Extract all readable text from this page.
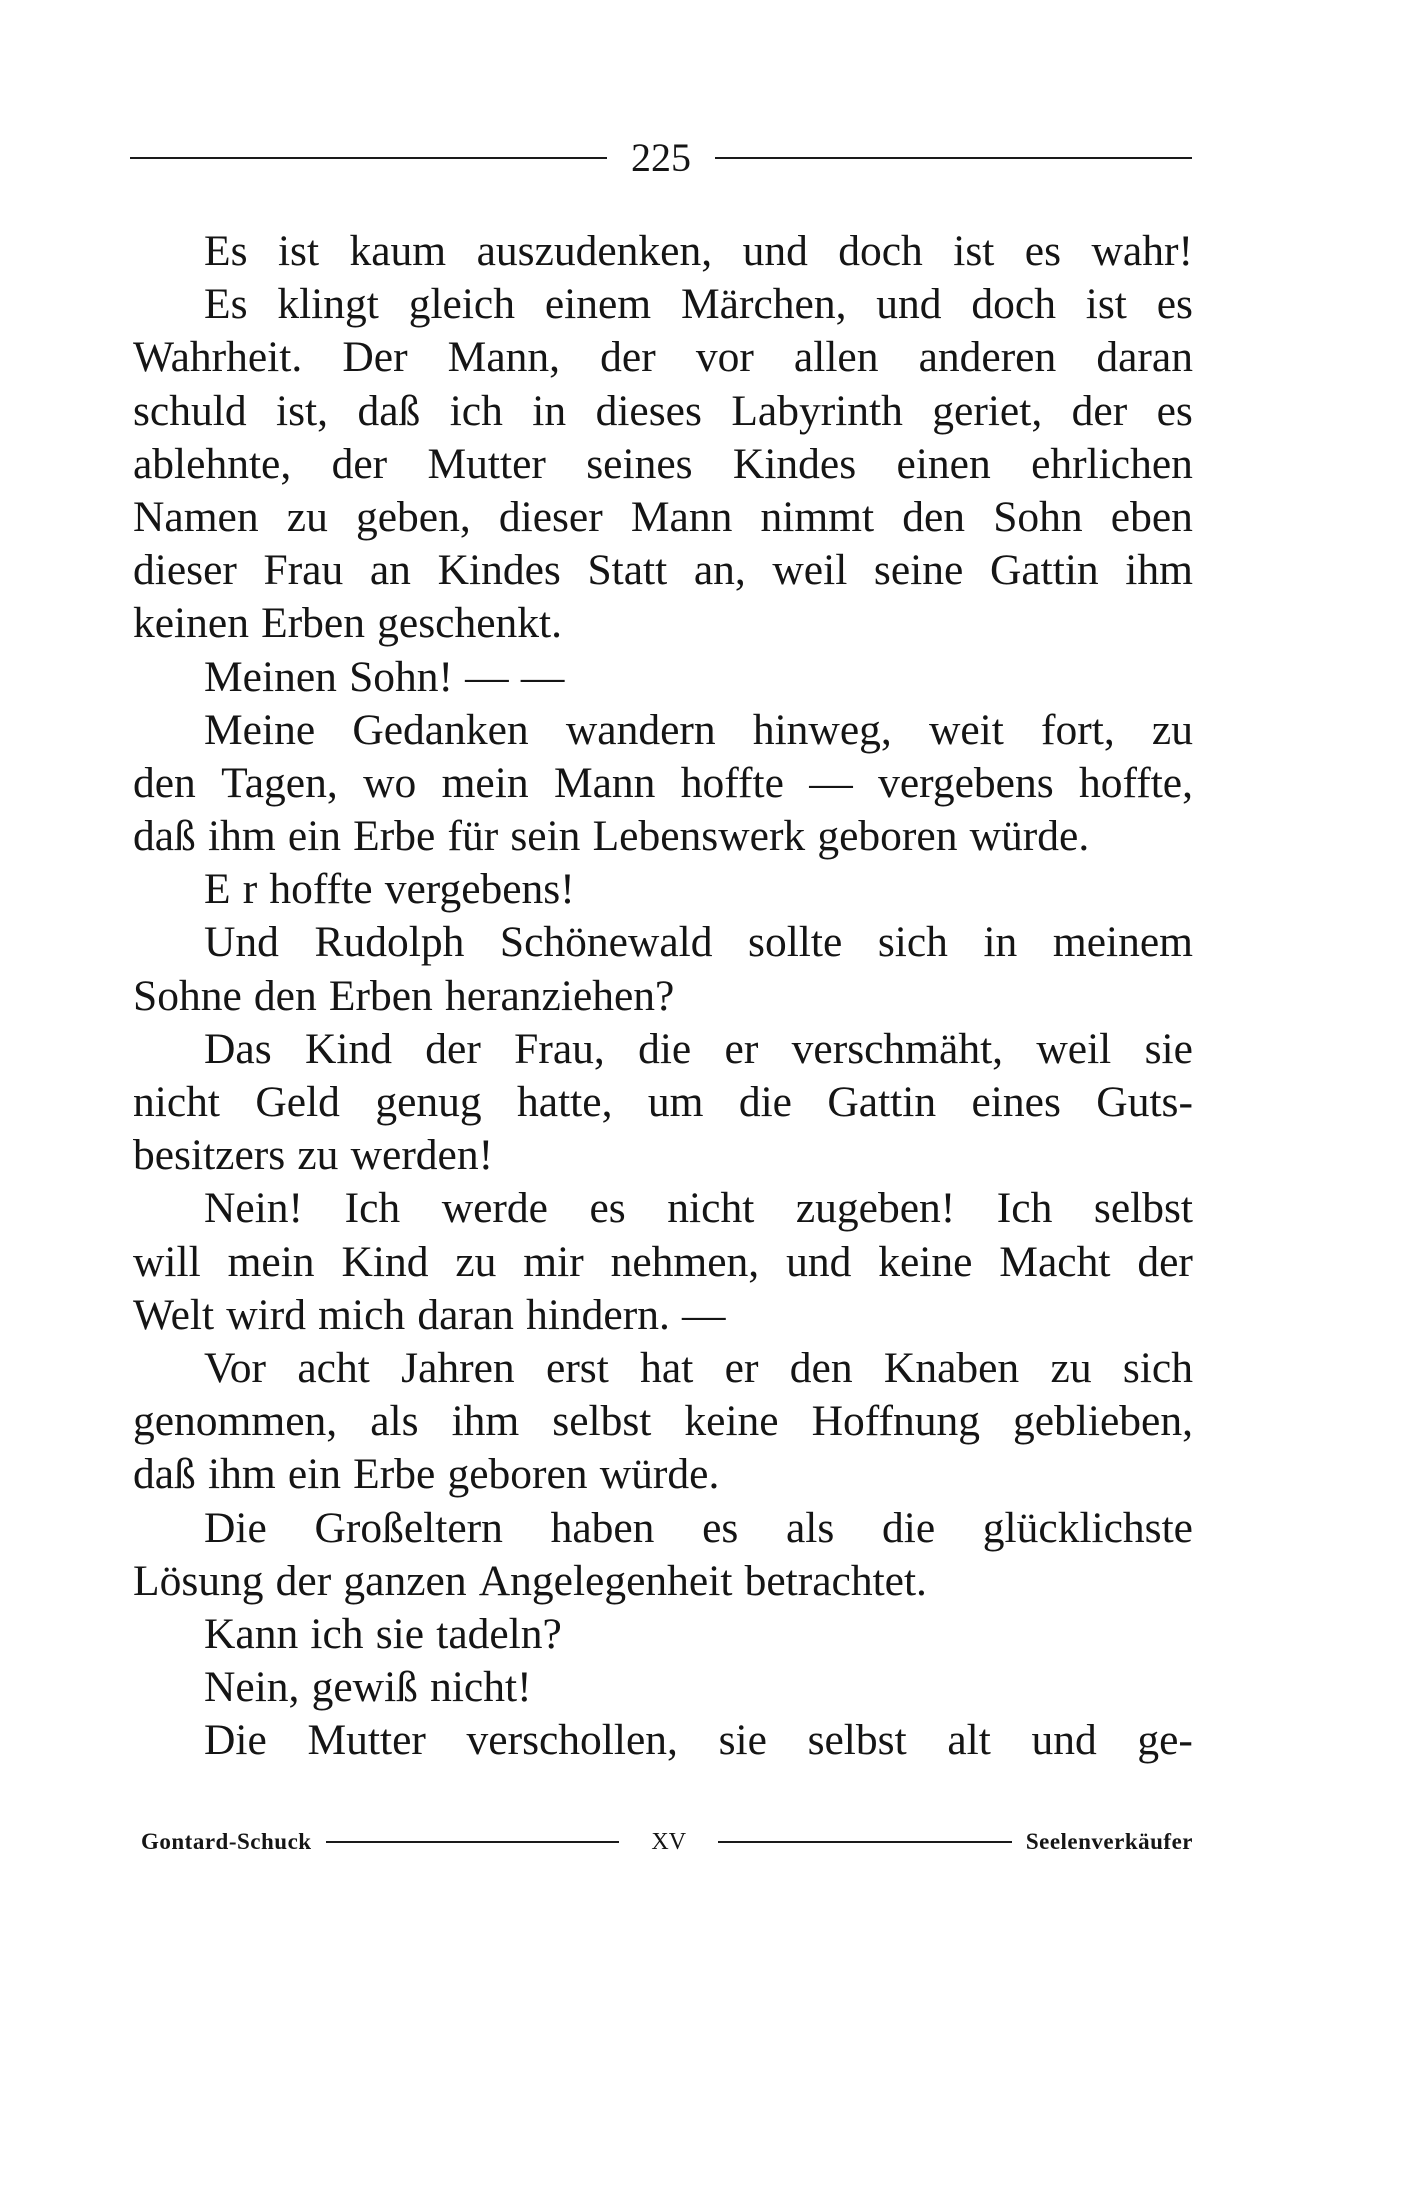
225
Es ist kaum auszudenken, und doch ist es wahr!
Es klingt gleich einem Märchen, und doch ist es
Wahrheit. Der Mann, der vor allen anderen daran
schuld ist, daß ich in dieses Labyrinth geriet, der es
ablehnte, der Mutter seines Kindes einen ehrlichen
Namen zu geben, dieser Mann nimmt den Sohn eben
dieser Frau an Kindes Statt an, weil seine Gattin ihm
keinen Erben geschenkt.
Meinen Sohn! — —
Meine Gedanken wandern hinweg, weit fort, zu
den Tagen, wo mein Mann hoffte — vergebens hoffte,
daß ihm ein Erbe für sein Lebenswerk geboren würde.
E r hoffte vergebens!
Und Rudolph Schönewald sollte sich in meinem
Sohne den Erben heranziehen?
Das Kind der Frau, die er verschmäht, weil sie
nicht Geld genug hatte, um die Gattin eines Guts-
besitzers zu werden!
Nein! Ich werde es nicht zugeben! Ich selbst
will mein Kind zu mir nehmen, und keine Macht der
Welt wird mich daran hindern. —
Vor acht Jahren erst hat er den Knaben zu sich
genommen, als ihm selbst keine Hoffnung geblieben,
daß ihm ein Erbe geboren würde.
Die Großeltern haben es als die glücklichste
Lösung der ganzen Angelegenheit betrachtet.
Kann ich sie tadeln?
Nein, gewiß nicht!
Die Mutter verschollen, sie selbst alt und ge-
Gontard-Schuck	XV	Seelenverkäufer
